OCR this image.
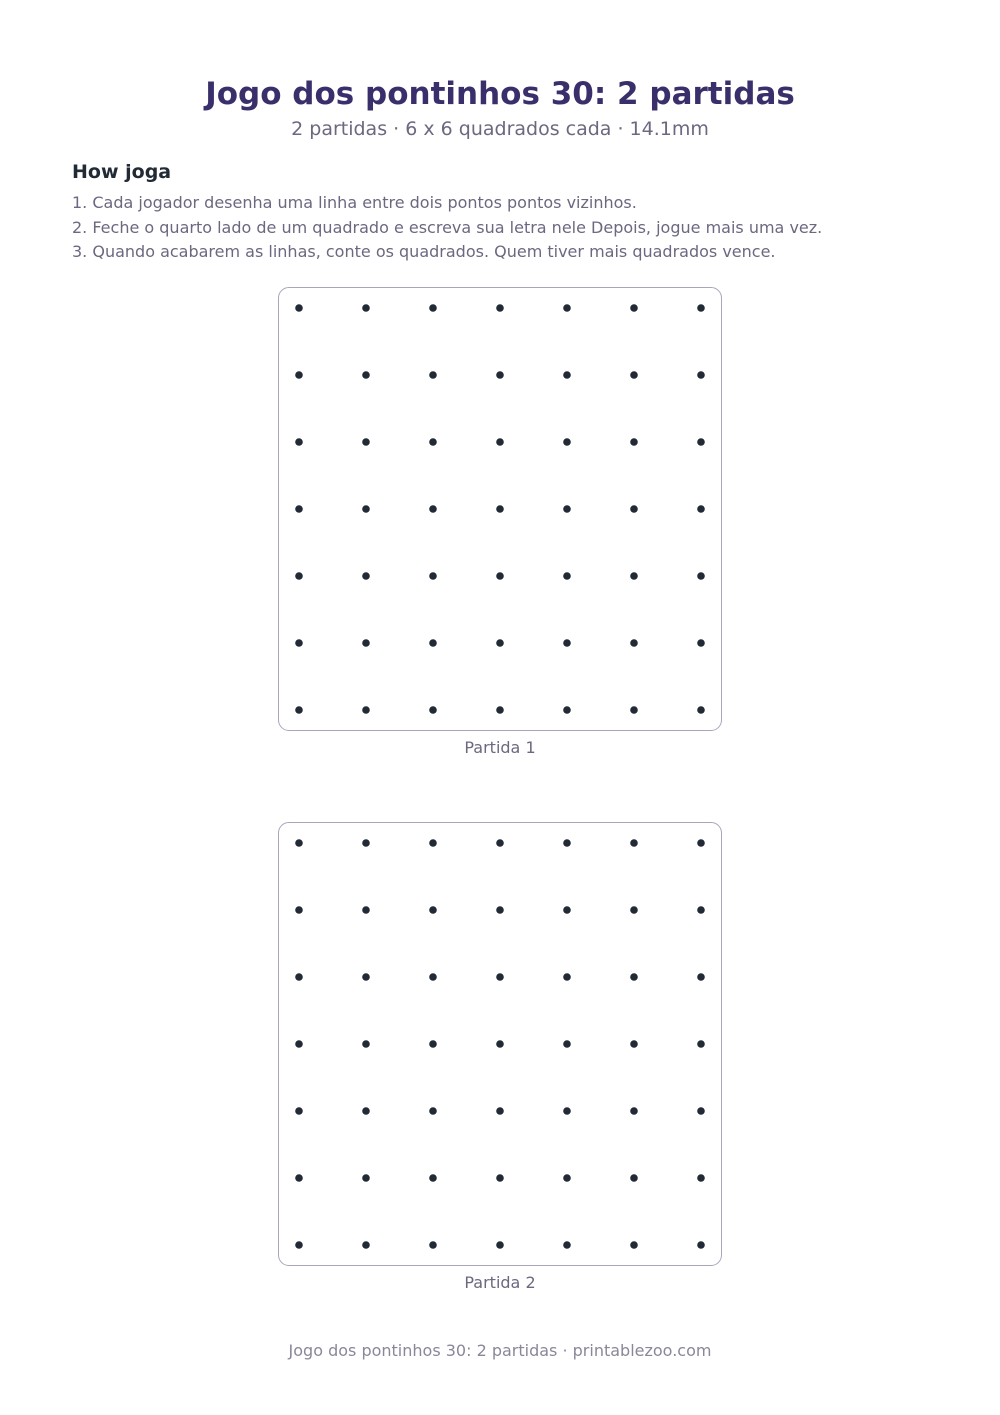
Jogo dos pontinhos 30: 2 partidas
2 partidas · 6 x 6 quadrados cada · 14.1mm
How joga
1. Cada jogador desenha uma linha entre dois pontos pontos vizinhos.
2. Feche o quarto lado de um quadrado e escreva sua letra nele Depois, jogue mais uma vez.
3. Quando acabarem as linhas, conte os quadrados. Quem tiver mais quadrados vence.
Partida 1
Partida 2
Jogo dos pontinhos 30: 2 partidas · printablezoo.com
